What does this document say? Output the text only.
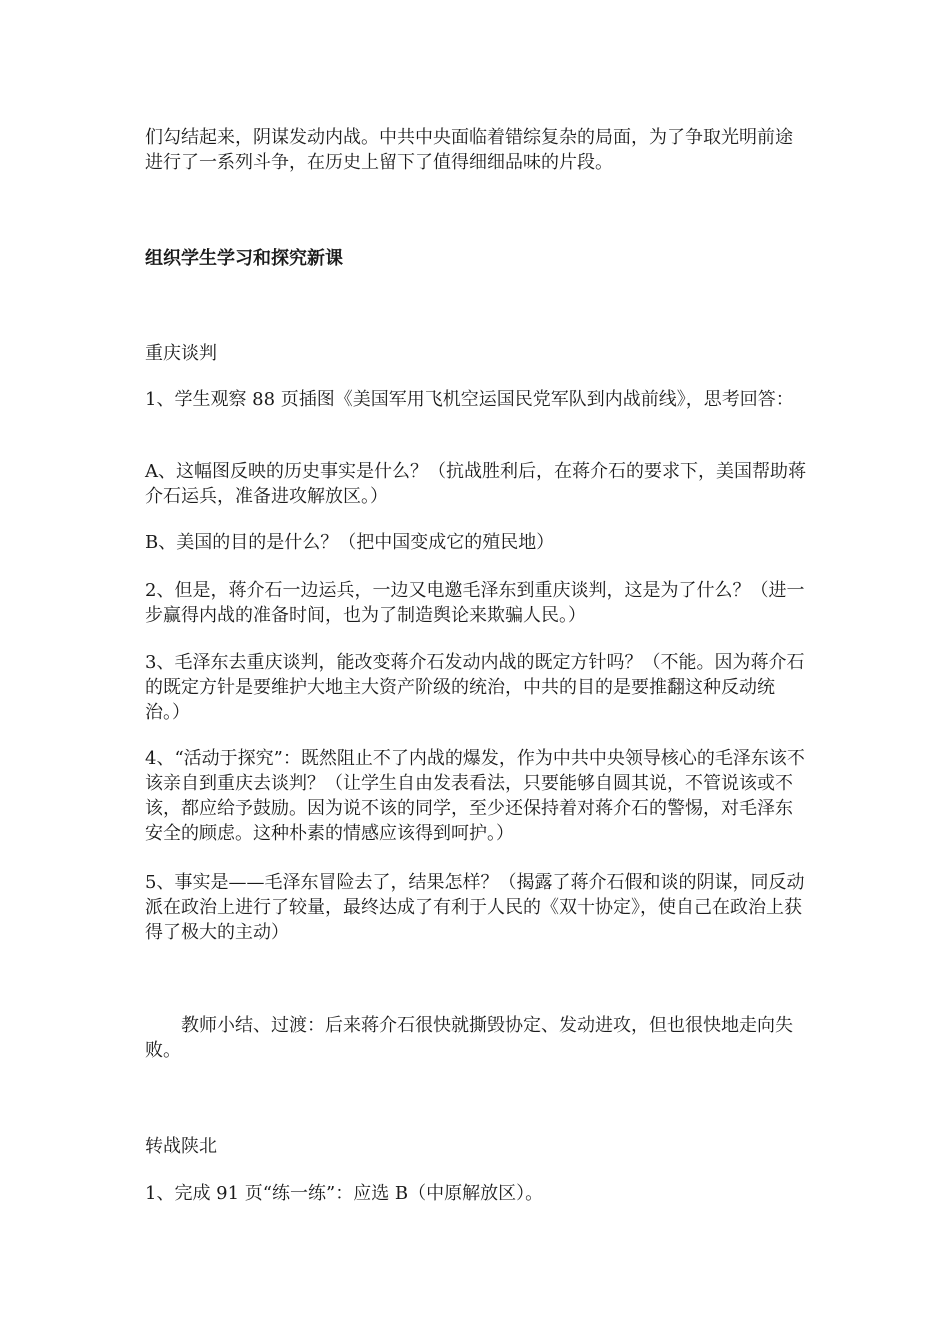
们勾结起来，阴谋发动内战。中共中央面临着错综复杂的局面，为了争取光明前途进行了一系列斗争，在历史上留下了值得细细品味的片段。

组织学生学习和探究新课

重庆谈判

1、学生观察 88 页插图《美国军用飞机空运国民党军队到内战前线》，思考回答：

A、这幅图反映的历史事实是什么？（抗战胜利后，在蒋介石的要求下，美国帮助蒋介石运兵，准备进攻解放区。）

B、美国的目的是什么？（把中国变成它的殖民地）

2、但是，蒋介石一边运兵，一边又电邀毛泽东到重庆谈判，这是为了什么？（进一步赢得内战的准备时间，也为了制造舆论来欺骗人民。）

3、毛泽东去重庆谈判，能改变蒋介石发动内战的既定方针吗？（不能。因为蒋介石的既定方针是要维护大地主大资产阶级的统治，中共的目的是要推翻这种反动统治。）

4、“活动于探究”：既然阻止不了内战的爆发，作为中共中央领导核心的毛泽东该不该亲自到重庆去谈判？（让学生自由发表看法，只要能够自圆其说，不管说该或不该，都应给予鼓励。因为说不该的同学，至少还保持着对蒋介石的警惕，对毛泽东安全的顾虑。这种朴素的情感应该得到呵护。）

5、事实是——毛泽东冒险去了，结果怎样？（揭露了蒋介石假和谈的阴谋，同反动派在政治上进行了较量，最终达成了有利于人民的《双十协定》，使自己在政治上获得了极大的主动）

教师小结、过渡：后来蒋介石很快就撕毁协定、发动进攻，但也很快地走向失败。

转战陕北

1、完成 91 页“练一练”：应选 B（中原解放区）。
